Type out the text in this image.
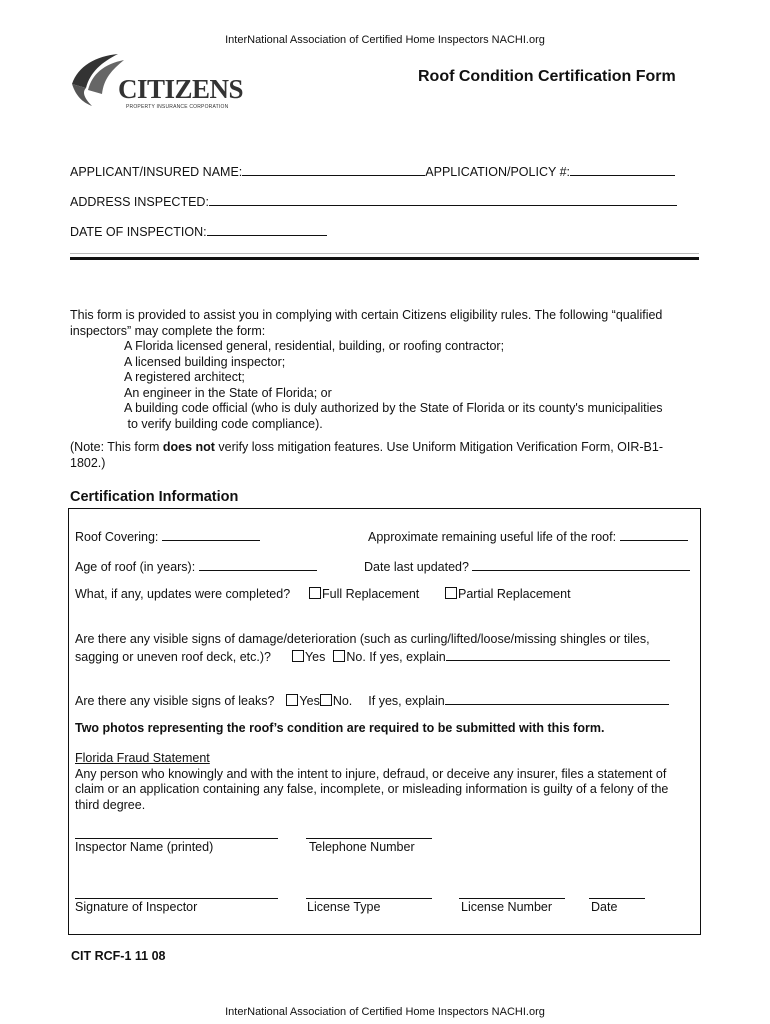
InterNational Association of Certified Home Inspectors NACHI.org
CITIZENS
PROPERTY INSURANCE CORPORATION
Roof Condition Certification Form
APPLICANT/INSURED NAME:	APPLICATION/POLICY #:
ADDRESS INSPECTED:
DATE OF INSPECTION:
This form is provided to assist you in complying with certain Citizens eligibility rules. The following “qualified
inspectors” may complete the form:
A Florida licensed general, residential, building, or roofing contractor;
A licensed building inspector;
A registered architect;
An engineer in the State of Florida; or
A building code official (who is duly authorized by the State of Florida or its county's municipalities
to verify building code compliance).
(Note: This form does not verify loss mitigation features. Use Uniform Mitigation Verification Form, OIR-B1-
1802.)
Certification Information
Roof Covering:	Approximate remaining useful life of the roof:
Age of roof (in years):	Date last updated?
What, if any, updates were completed?	Full Replacement	Partial Replacement
Are there any visible signs of damage/deterioration (such as curling/lifted/loose/missing shingles or tiles,
sagging or uneven roof deck, etc.)?	Yes No. If yes, explain
Are there any visible signs of leaks? Yes No. If yes, explain
Two photos representing the roof’s condition are required to be submitted with this form.
Florida Fraud Statement
Any person who knowingly and with the intent to injure, defraud, or deceive any insurer, files a statement of
claim or an application containing any false, incomplete, or misleading information is guilty of a felony of the
third degree.
Inspector Name (printed)	Telephone Number
Signature of Inspector	License Type	License Number	Date
CIT RCF-1 11 08
InterNational Association of Certified Home Inspectors NACHI.org
